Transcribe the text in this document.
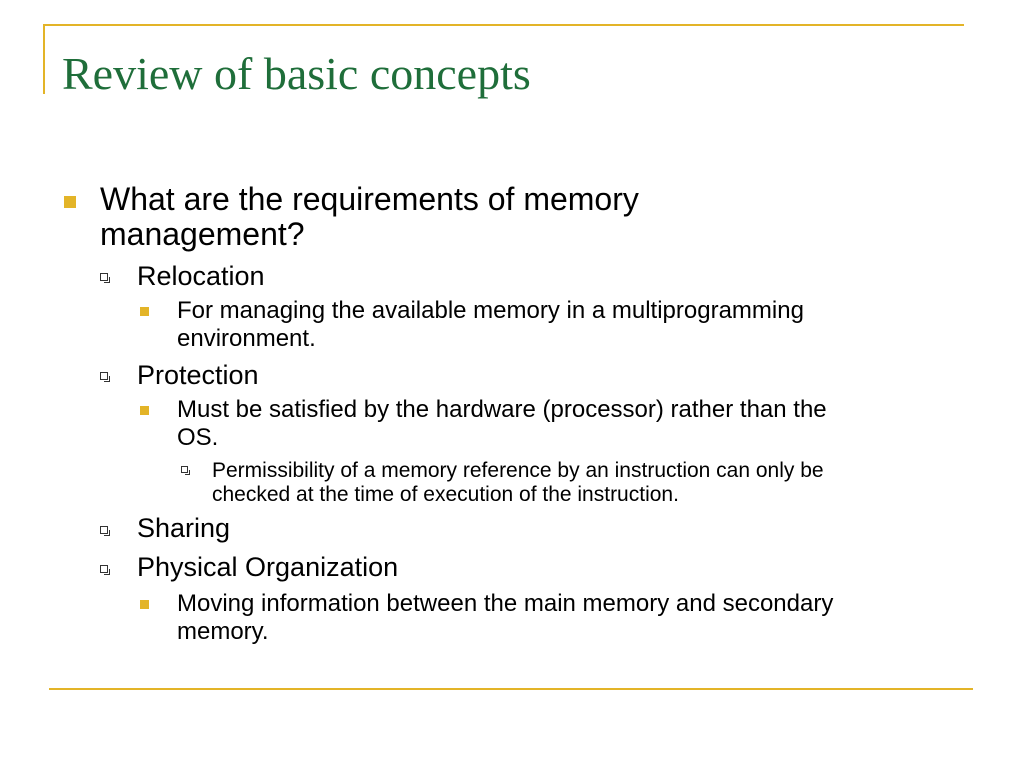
Review of basic concepts
What are the requirements of memory
management?
Relocation
For managing the available memory in a multiprogramming
environment.
Protection
Must be satisfied by the hardware (processor) rather than the
OS.
Permissibility of a memory reference by an instruction can only be
checked at the time of execution of the instruction.
Sharing
Physical Organization
Moving information between the main memory and secondary
memory.
